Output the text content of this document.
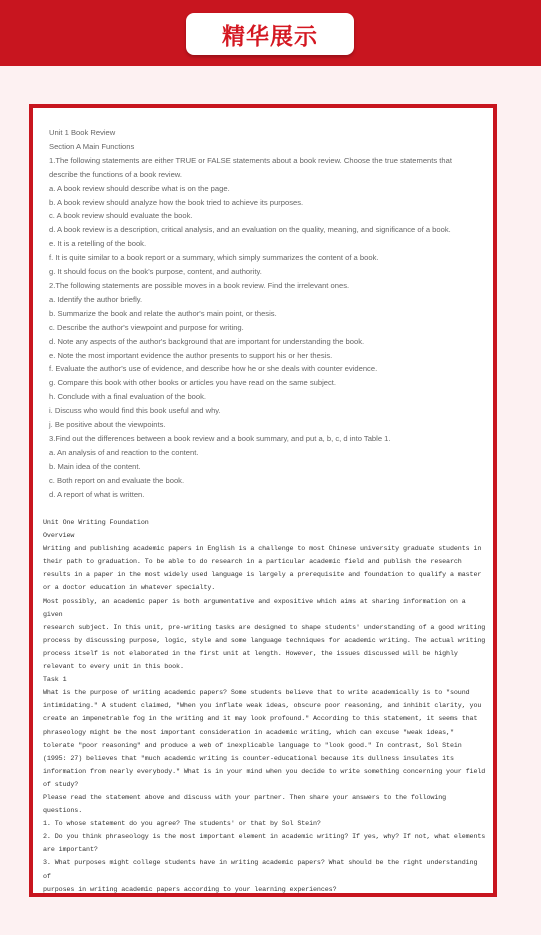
精华展示
Unit 1 Book Review
Section A Main Functions
1.The following statements are either TRUE or FALSE statements about a book review. Choose the true statements that
describe the functions of a book review.
a. A book review should describe what is on the page.
b. A book review should analyze how the book tried to achieve its purposes.
c. A book review should evaluate the book.
d. A book review is a description, critical analysis, and an evaluation on the quality, meaning, and significance of a book.
e. It is a retelling of the book.
f. It is quite similar to a book report or a summary, which simply summarizes the content of a book.
g. It should focus on the book's purpose, content, and authority.
2.The following statements are possible moves in a book review. Find the irrelevant ones.
a. Identify the author briefly.
b. Summarize the book and relate the author's main point, or thesis.
c. Describe the author's viewpoint and purpose for writing.
d. Note any aspects of the author's background that are important for understanding the book.
e. Note the most important evidence the author presents to support his or her thesis.
f. Evaluate the author's use of evidence, and describe how he or she deals with counter evidence.
g. Compare this book with other books or articles you have read on the same subject.
h. Conclude with a final evaluation of the book.
i. Discuss who would find this book useful and why.
j. Be positive about the viewpoints.
3.Find out the differences between a book review and a book summary, and put a, b, c, d into Table 1.
a. An analysis of and reaction to the content.
b. Main idea of the content.
c. Both report on and evaluate the book.
d. A report of what is written.
Unit One Writing Foundation
Overview
Writing and publishing academic papers in English is a challenge to most Chinese university graduate students in
their path to graduation. To be able to do research in a particular academic field and publish the research
results in a paper in the most widely used language is largely a prerequisite and foundation to qualify a master
or a doctor education in whatever specialty.
Most possibly, an academic paper is both argumentative and expositive which aims at sharing information on a given
research subject. In this unit, pre-writing tasks are designed to shape students' understanding of a good writing
process by discussing purpose, logic, style and some language techniques for academic writing. The actual writing
process itself is not elaborated in the first unit at length. However, the issues discussed will be highly
relevant to every unit in this book.
Task 1
What is the purpose of writing academic papers? Some students believe that to write academically is to "sound
intimidating." A student claimed, "When you inflate weak ideas, obscure poor reasoning, and inhibit clarity, you
create an impenetrable fog in the writing and it may look profound." According to this statement, it seems that
phraseology might be the most important consideration in academic writing, which can excuse "weak ideas,"
tolerate "poor reasoning" and produce a web of inexplicable language to "look good." In contrast, Sol Stein
(1995: 27) believes that "much academic writing is counter-educational because its dullness insulates its
information from nearly everybody." What is in your mind when you decide to write something concerning your field
of study?
Please read the statement above and discuss with your partner. Then share your answers to the following questions.
1. To whose statement do you agree? The students' or that by Sol Stein?
2. Do you think phraseology is the most important element in academic writing? If yes, why? If not, what elements
are important?
3. What purposes might college students have in writing academic papers? What should be the right understanding of
purposes in writing academic papers according to your learning experiences?
